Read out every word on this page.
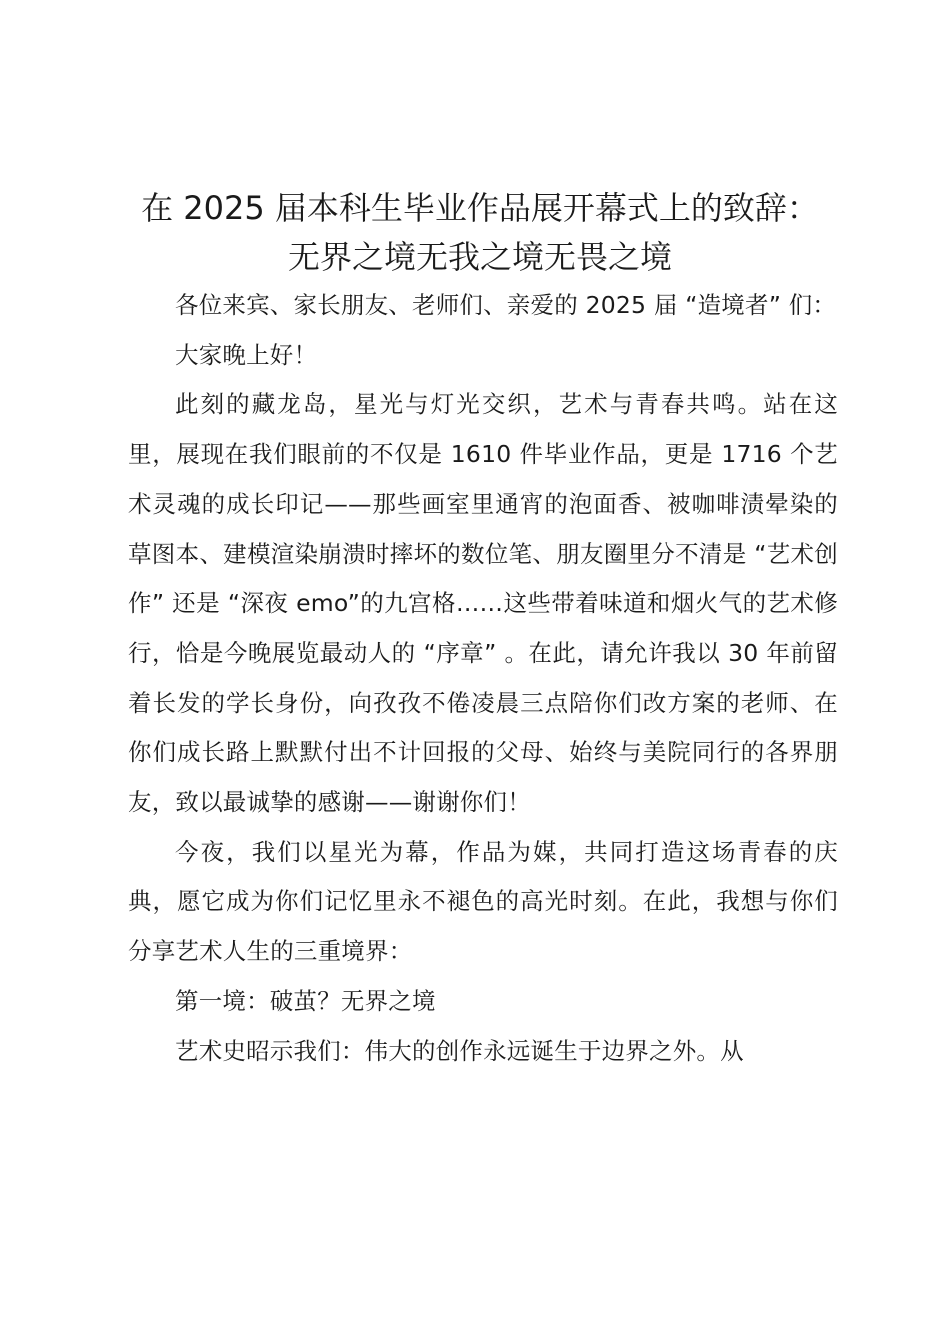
在 2025 届本科生毕业作品展开幕式上的致辞：
无界之境无我之境无畏之境

各位来宾、家长朋友、老师们、亲爱的 2025 届 “造境者” 们：

大家晚上好！

此刻的藏龙岛，星光与灯光交织，艺术与青春共鸣。站在这里，展现在我们眼前的不仅是 1610 件毕业作品，更是 1716 个艺术灵魂的成长印记——那些画室里通宵的泡面香、被咖啡渍晕染的草图本、建模渲染崩溃时摔坏的数位笔、朋友圈里分不清是 “艺术创作” 还是 “深夜 emo”的九宫格……这些带着味道和烟火气的艺术修行，恰是今晚展览最动人的 “序章” 。在此，请允许我以 30 年前留着长发的学长身份，向孜孜不倦凌晨三点陪你们改方案的老师、在你们成长路上默默付出不计回报的父母、始终与美院同行的各界朋友，致以最诚挚的感谢——谢谢你们！

今夜，我们以星光为幕，作品为媒，共同打造这场青春的庆典，愿它成为你们记忆里永不褪色的高光时刻。在此，我想与你们分享艺术人生的三重境界：

第一境：破茧？无界之境

艺术史昭示我们：伟大的创作永远诞生于边界之外。从
